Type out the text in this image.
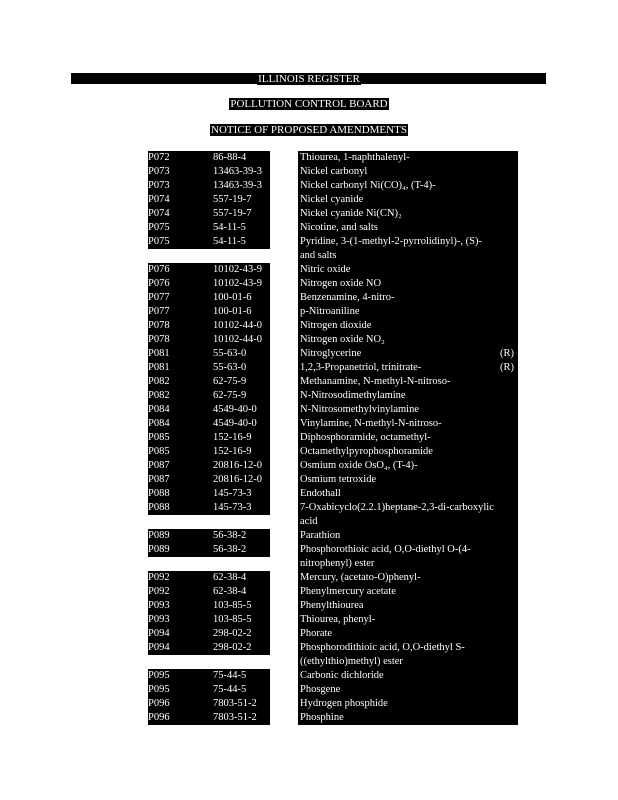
ILLINOIS REGISTER
POLLUTION CONTROL BOARD
NOTICE OF PROPOSED AMENDMENTS
P072	86-88-4	Thiourea, 1-naphthalenyl-
P073	13463-39-3	Nickel carbonyl
P073	13463-39-3	Nickel carbonyl Ni(CO)₄, (T-4)-
P074	557-19-7	Nickel cyanide
P074	557-19-7	Nickel cyanide Ni(CN)₂
P075	54-11-5	Nicotine, and salts
P075	54-11-5	Pyridine, 3-(1-methyl-2-pyrrolidinyl)-, (S)- and salts
P076	10102-43-9	Nitric oxide
P076	10102-43-9	Nitrogen oxide NO
P077	100-01-6	Benzenamine, 4-nitro-
P077	100-01-6	p-Nitroaniline
P078	10102-44-0	Nitrogen dioxide
P078	10102-44-0	Nitrogen oxide NO₂
P081	55-63-0	Nitroglycerine	(R)
P081	55-63-0	1,2,3-Propanetriol, trinitrate-	(R)
P082	62-75-9	Methanamine, N-methyl-N-nitroso-
P082	62-75-9	N-Nitrosodimethylamine
P084	4549-40-0	N-Nitrosomethylvinylamine
P084	4549-40-0	Vinylamine, N-methyl-N-nitroso-
P085	152-16-9	Diphosphoramide, octamethyl-
P085	152-16-9	Octamethylpyrophosphoramide
P087	20816-12-0	Osmium oxide OsO₄, (T-4)-
P087	20816-12-0	Osmium tetroxide
P088	145-73-3	Endothall
P088	145-73-3	7-Oxabicyclo(2.2.1)heptane-2,3-di-carboxylic acid
P089	56-38-2	Parathion
P089	56-38-2	Phosphorothioic acid, O,O-diethyl O-(4-nitrophenyl) ester
P092	62-38-4	Mercury, (acetato-O)phenyl-
P092	62-38-4	Phenylmercury acetate
P093	103-85-5	Phenylthiourea
P093	103-85-5	Thiourea, phenyl-
P094	298-02-2	Phorate
P094	298-02-2	Phosphorodithioic acid, O,O-diethyl S-((ethylthio)methyl) ester
P095	75-44-5	Carbonic dichloride
P095	75-44-5	Phosgene
P096	7803-51-2	Hydrogen phosphide
P096	7803-51-2	Phosphine
